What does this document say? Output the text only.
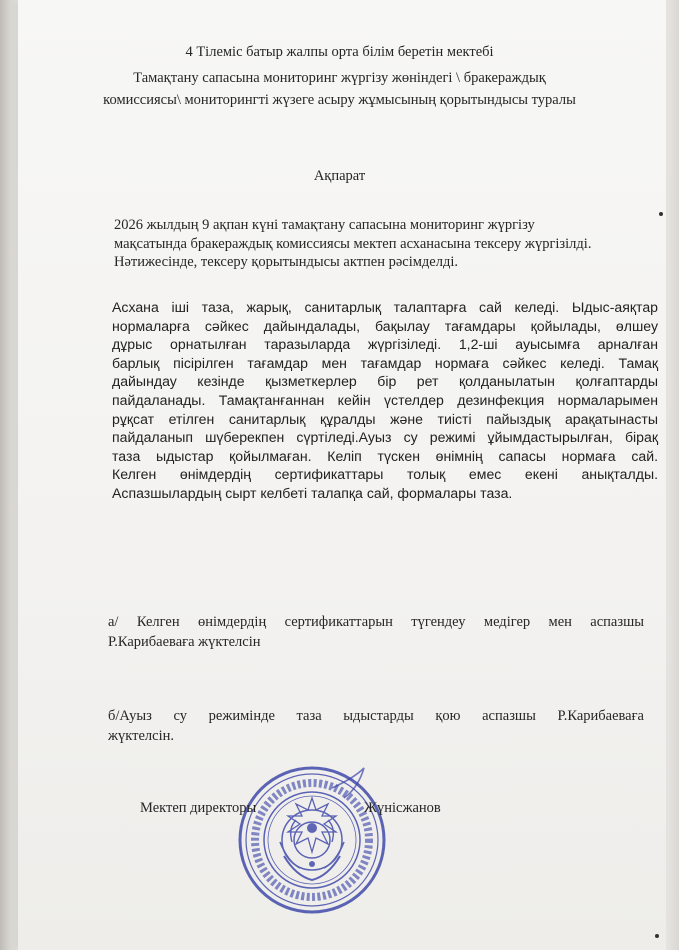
4 Тілеміс батыр жалпы орта білім беретін мектебі
Тамақтану сапасына мониторинг жүргізу жөніндегі \ бракераждық
комиссиясы\ мониторингті жүзеге асыру жұмысының қорытындысы туралы
Ақпарат
2026 жылдың 9 ақпан күні тамақтану сапасына мониторинг жүргізу
мақсатында бракераждық комиссиясы мектеп асханасына тексеру жүргізілді.
Нәтижесінде, тексеру қорытындысы актпен рәсімделді.
Асхана іші таза, жарық, санитарлық талаптарға сай келеді. Ыдыс-аяқтар
нормаларға сәйкес дайындалады, бақылау тағамдары қойылады, өлшеу
дұрыс орнатылған таразыларда жүргізіледі. 1,2-ші ауысымға арналған
барлық пісірілген тағамдар мен тағамдар нормаға сәйкес келеді. Тамақ
дайындау кезінде қызметкерлер бір рет қолданылатын қолғаптарды
пайдаланады. Тамақтанғаннан кейін үстелдер дезинфекция нормаларымен
рұқсат етілген санитарлық құралды және тиісті пайыздық арақатынасты
пайдаланып шүберекпен сүртіледі.Ауыз су режимі ұйымдастырылған, бірақ
таза ыдыстар қойылмаған. Келіп түскен өнімнің сапасы нормаға сай.
Келген өнімдердің сертификаттары толық емес екені анықталды.
Аспазшылардың сырт келбеті талапқа сай, формалары таза.
а/ Келген өнімдердің сертификаттарын түгендеу медігер мен аспазшы
Р.Карибаеваға жүктелсін
б/Ауыз су режимінде таза ыдыстарды қою аспазшы Р.Карибаеваға
жүктелсін.
Мектеп директоры	Жүнісжанов
